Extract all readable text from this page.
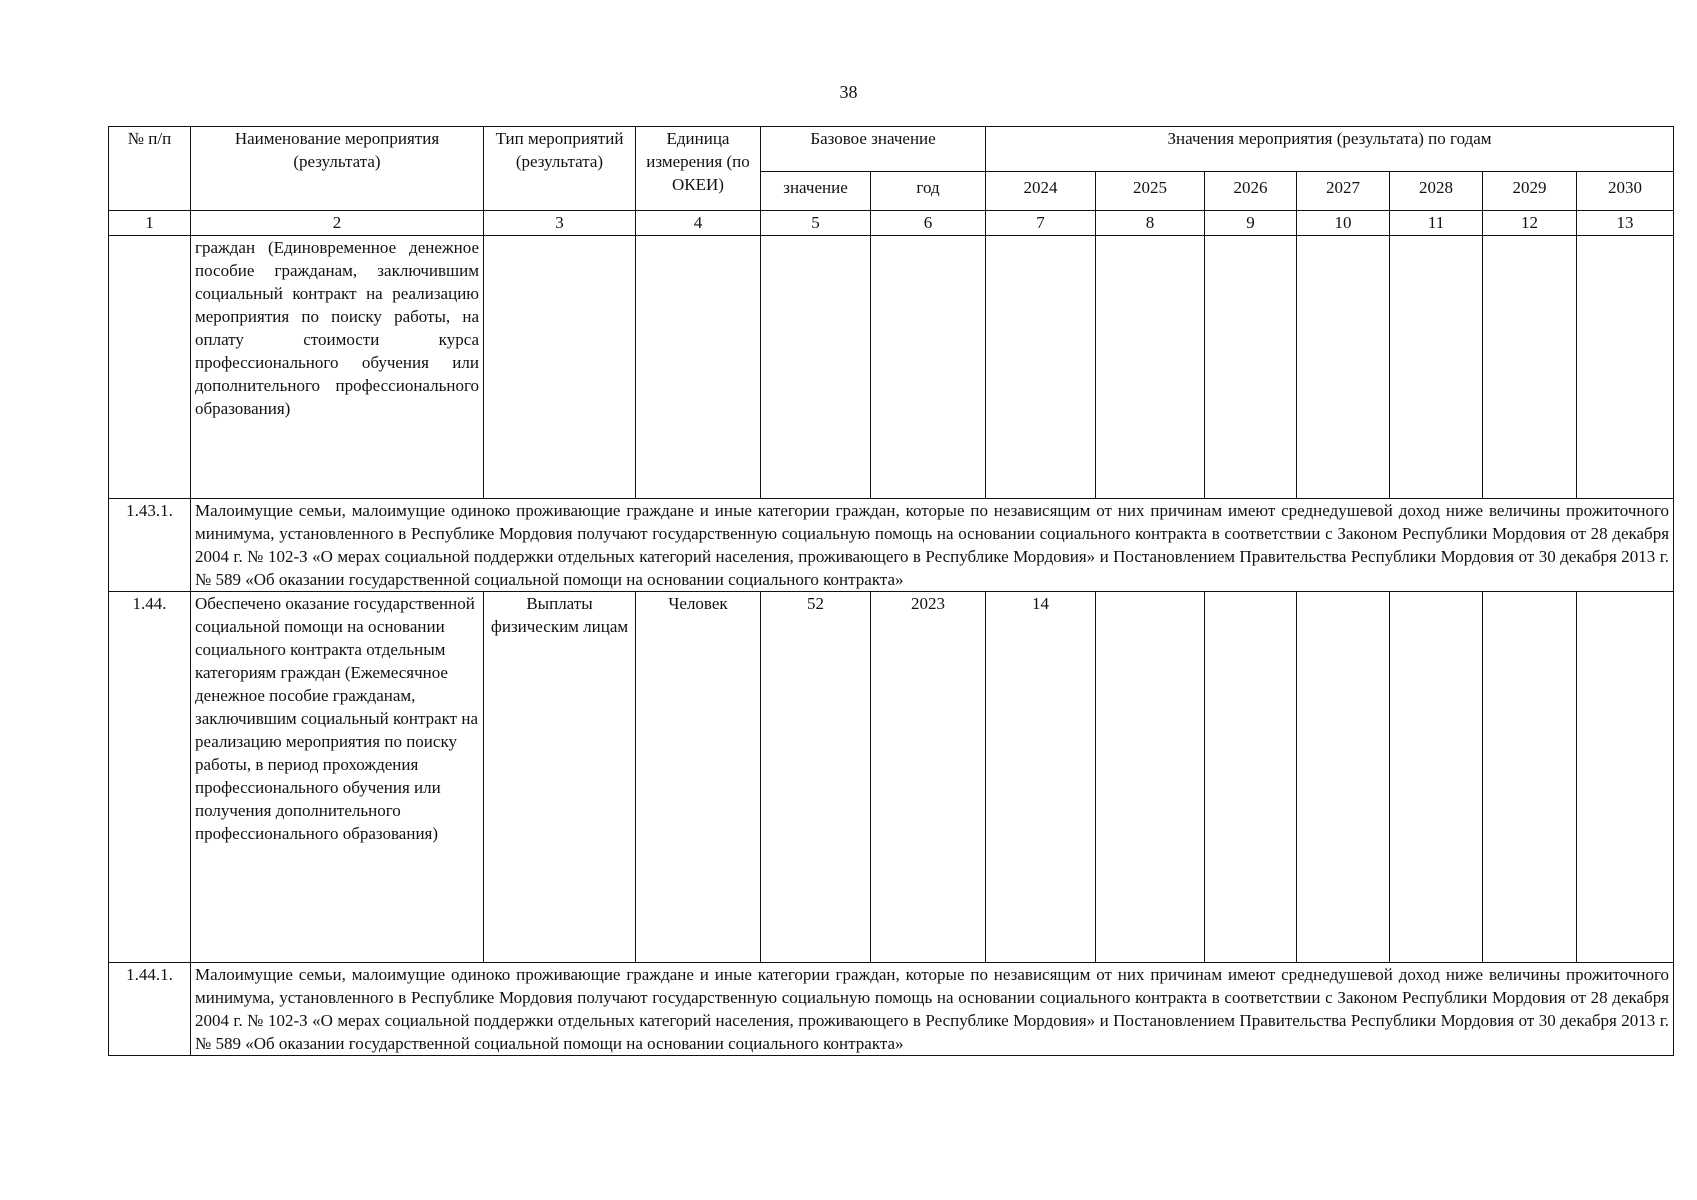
38
№ п/п	Наименование мероприятия (результата)	Тип мероприятий (результата)	Единица измерения (по ОКЕИ)	Базовое значение		Значения мероприятия (результата) по годам						
				значение	год	2024	2025	2026	2027	2028	2029	2030
1	2	3	4	5	6	7	8	9	10	11	12	13
	граждан (Единовременное денежное пособие гражданам, заключившим социальный контракт на реализацию мероприятия по поиску работы, на оплату стоимости курса профессионального обучения или дополнительного профессионального образования)											
1.43.1.	Малоимущие семьи, малоимущие одиноко проживающие граждане и иные категории граждан, которые по независящим от них причинам имеют среднедушевой доход ниже величины прожиточного минимума, установленного в Республике Мордовия получают государственную социальную помощь на основании социального контракта в соответствии с Законом Республики Мордовия от 28 декабря 2004 г. № 102-З «О мерах социальной поддержки отдельных категорий населения, проживающего в Республике Мордовия» и Постановлением Правительства Республики Мордовия от 30 декабря 2013 г. № 589 «Об оказании государственной социальной помощи на основании социального контракта»											
1.44.	Обеспечено оказание государственной социальной помощи на основании социального контракта отдельным категориям граждан (Ежемесячное денежное пособие гражданам, заключившим социальный контракт на реализацию мероприятия по поиску работы, в период прохождения профессионального обучения или получения дополнительного профессионального образования)	Выплаты физическим лицам	Человек	52	2023	14						
1.44.1.	Малоимущие семьи, малоимущие одиноко проживающие граждане и иные категории граждан, которые по независящим от них причинам имеют среднедушевой доход ниже величины прожиточного минимума, установленного в Республике Мордовия получают государственную социальную помощь на основании социального контракта в соответствии с Законом Республики Мордовия от 28 декабря 2004 г. № 102-З «О мерах социальной поддержки отдельных категорий населения, проживающего в Республике Мордовия» и Постановлением Правительства Республики Мордовия от 30 декабря 2013 г. № 589 «Об оказании государственной социальной помощи на основании социального контракта»											
